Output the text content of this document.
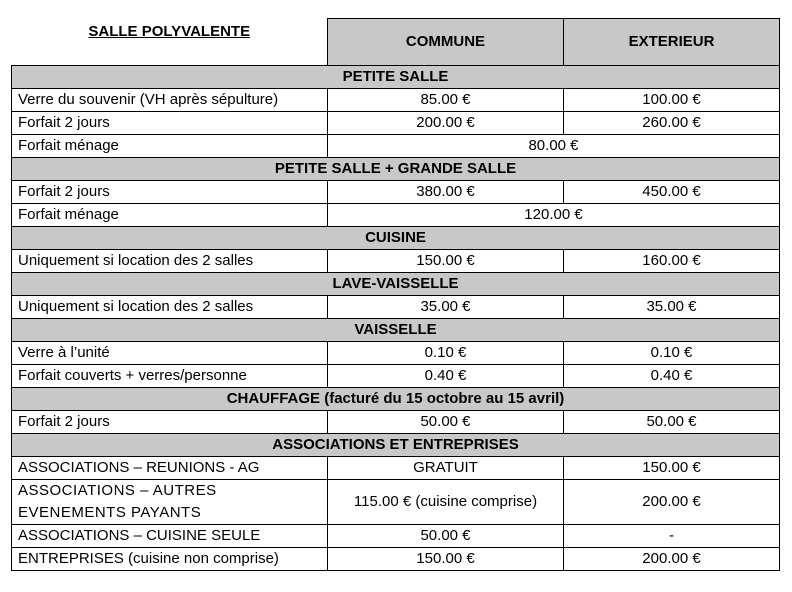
SALLE POLYVALENTE	COMMUNE	EXTERIEUR
PETITE SALLE		
Verre du souvenir (VH après sépulture)	85.00 €	100.00 €
Forfait 2 jours	200.00 €	260.00 €
Forfait ménage	80.00 €	
PETITE SALLE + GRANDE SALLE		
Forfait 2 jours	380.00 €	450.00 €
Forfait ménage	120.00 €	
CUISINE		
Uniquement si location des 2 salles	150.00 €	160.00 €
LAVE-VAISSELLE		
Uniquement si location des 2 salles	35.00 €	35.00 €
VAISSELLE		
Verre à l’unité	0.10 €	0.10 €
Forfait couverts + verres/personne	0.40 €	0.40 €
CHAUFFAGE (facturé du 15 octobre au 15 avril)		
Forfait 2 jours	50.00 €	50.00 €
ASSOCIATIONS ET ENTREPRISES		
ASSOCIATIONS – REUNIONS - AG	GRATUIT	150.00 €
ASSOCIATIONS – AUTRES EVENEMENTS PAYANTS	115.00 € (cuisine comprise)	200.00 €
ASSOCIATIONS – CUISINE SEULE	50.00 €	-
ENTREPRISES (cuisine non comprise)	150.00 €	200.00 €
